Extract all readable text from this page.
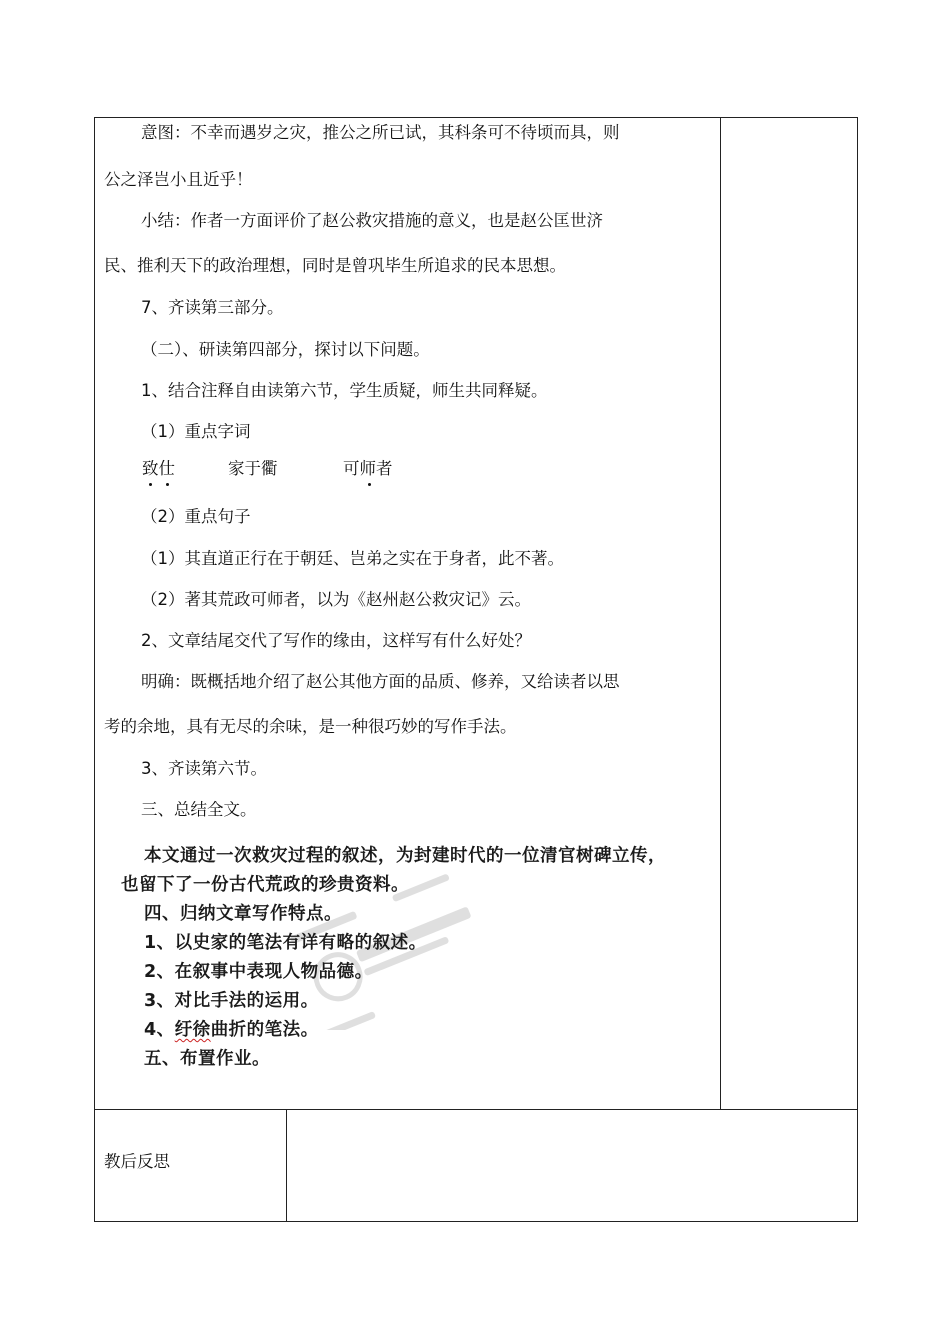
意图：不幸而遇岁之灾，推公之所已试，其科条可不待顷而具，则
公之泽岂小且近乎！
小结：作者一方面评价了赵公救灾措施的意义，也是赵公匡世济
民、推利天下的政治理想，同时是曾巩毕生所追求的民本思想。
7、齐读第三部分。
（二）、研读第四部分，探讨以下问题。
1、结合注释自由读第六节，学生质疑，师生共同释疑。
（1）重点字词
（2）重点句子
（1）其直道正行在于朝廷、岂弟之实在于身者，此不著。
（2）著其荒政可师者，以为《赵州赵公救灾记》云。
2、文章结尾交代了写作的缘由，这样写有什么好处？
明确：既概括地介绍了赵公其他方面的品质、修养，又给读者以思
考的余地，具有无尽的余味，是一种很巧妙的写作手法。
3、齐读第六节。
三、总结全文。
致仕	家于衢	可师者
本文通过一次救灾过程的叙述，为封建时代的一位清官树碑立传，
也留下了一份古代荒政的珍贵资料。
四、归纳文章写作特点。
1、以史家的笔法有详有略的叙述。
2、在叙事中表现人物品德。
3、对比手法的运用。
4、纡徐曲折的笔法。
五、布置作业。
教后反思
